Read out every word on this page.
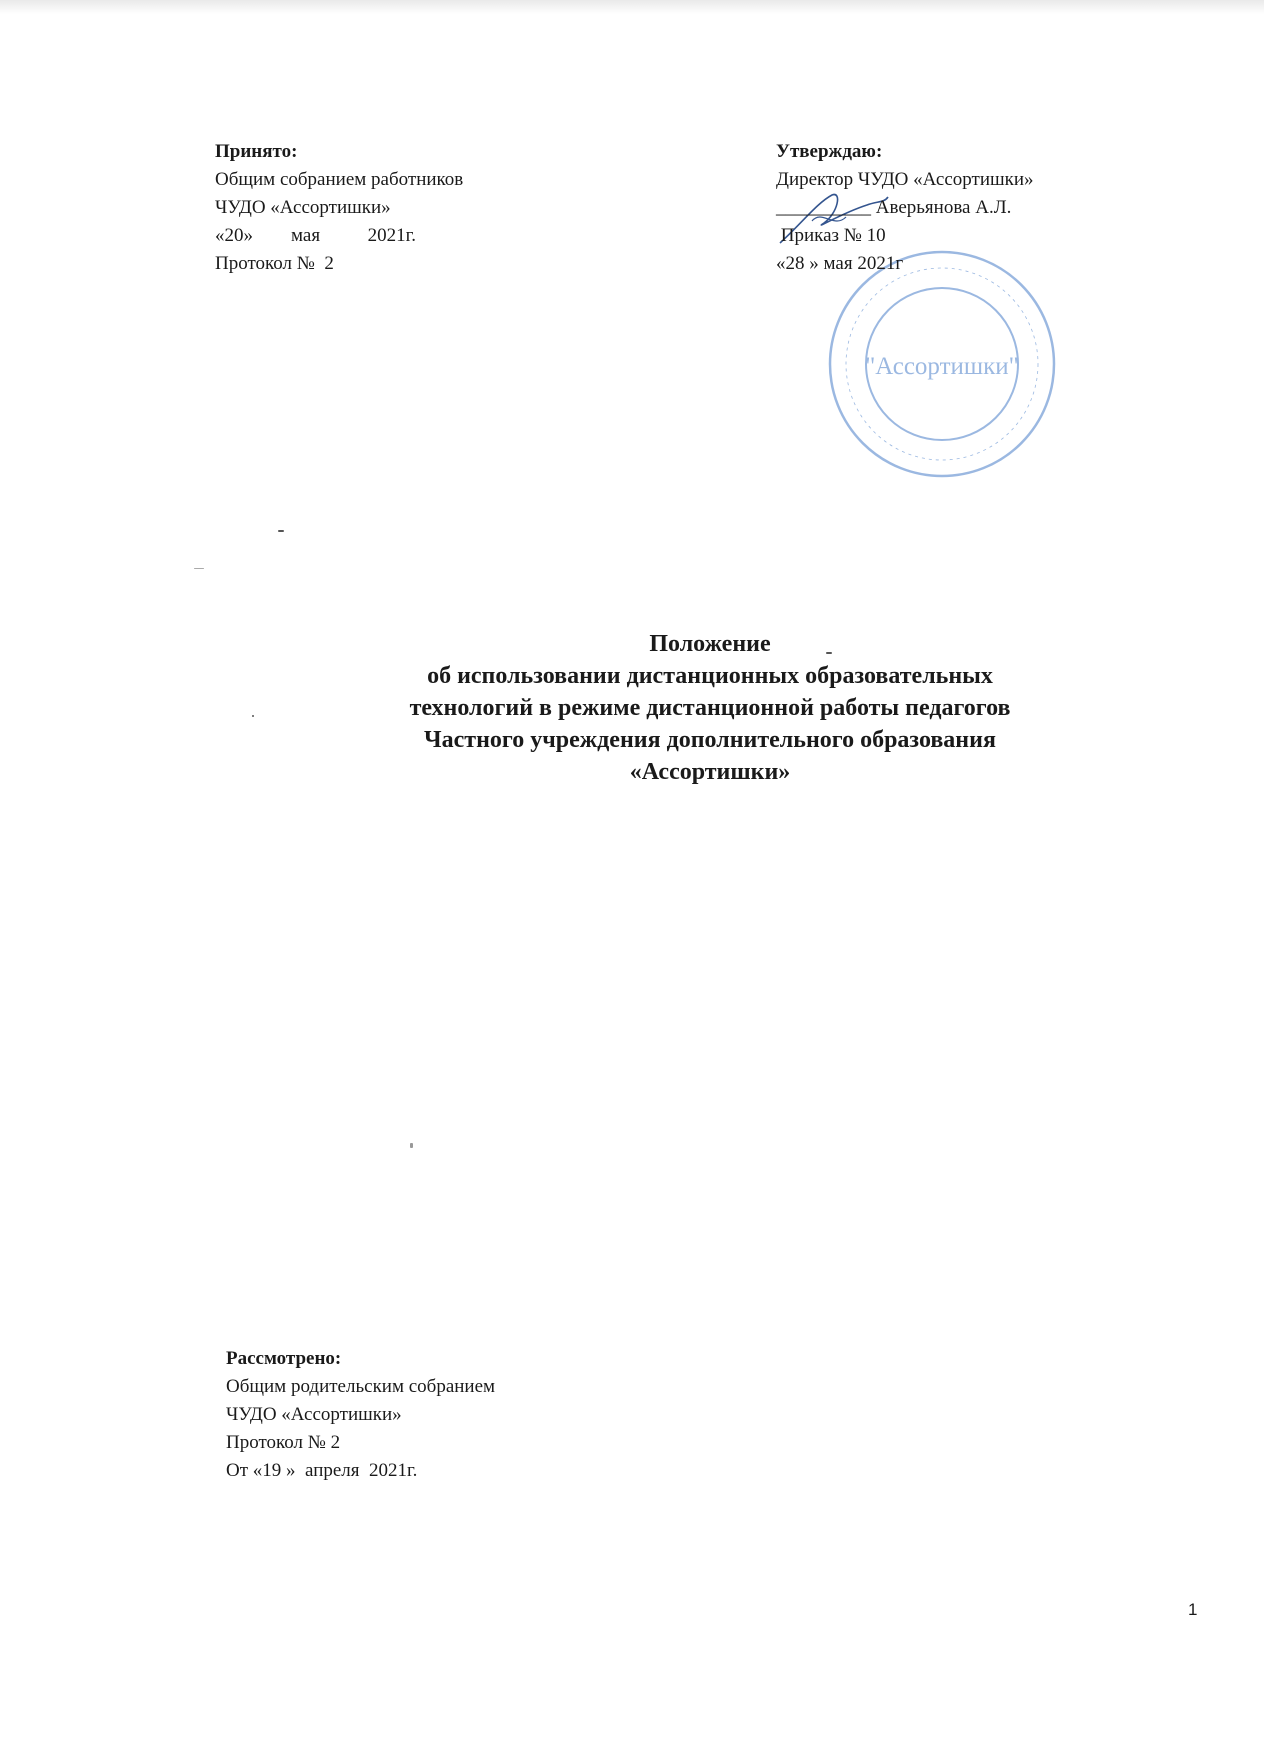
Принято:
Общим собранием работников
ЧУДО «Ассортишки»
«20»        мая          2021г.
Протокол №  2
"Ассортишки"
Утверждаю:
Директор ЧУДО «Ассортишки»
__________ Аверьянова А.Л.
Приказ № 10
«28 » мая 2021г
Положение
об использовании дистанционных образовательных
технологий в режиме дистанционной работы педагогов
Частного учреждения дополнительного образования
«Ассортишки»
Рассмотрено:
Общим родительским собранием
ЧУДО «Ассортишки»
Протокол № 2
От «19 »  апреля  2021г.
1
